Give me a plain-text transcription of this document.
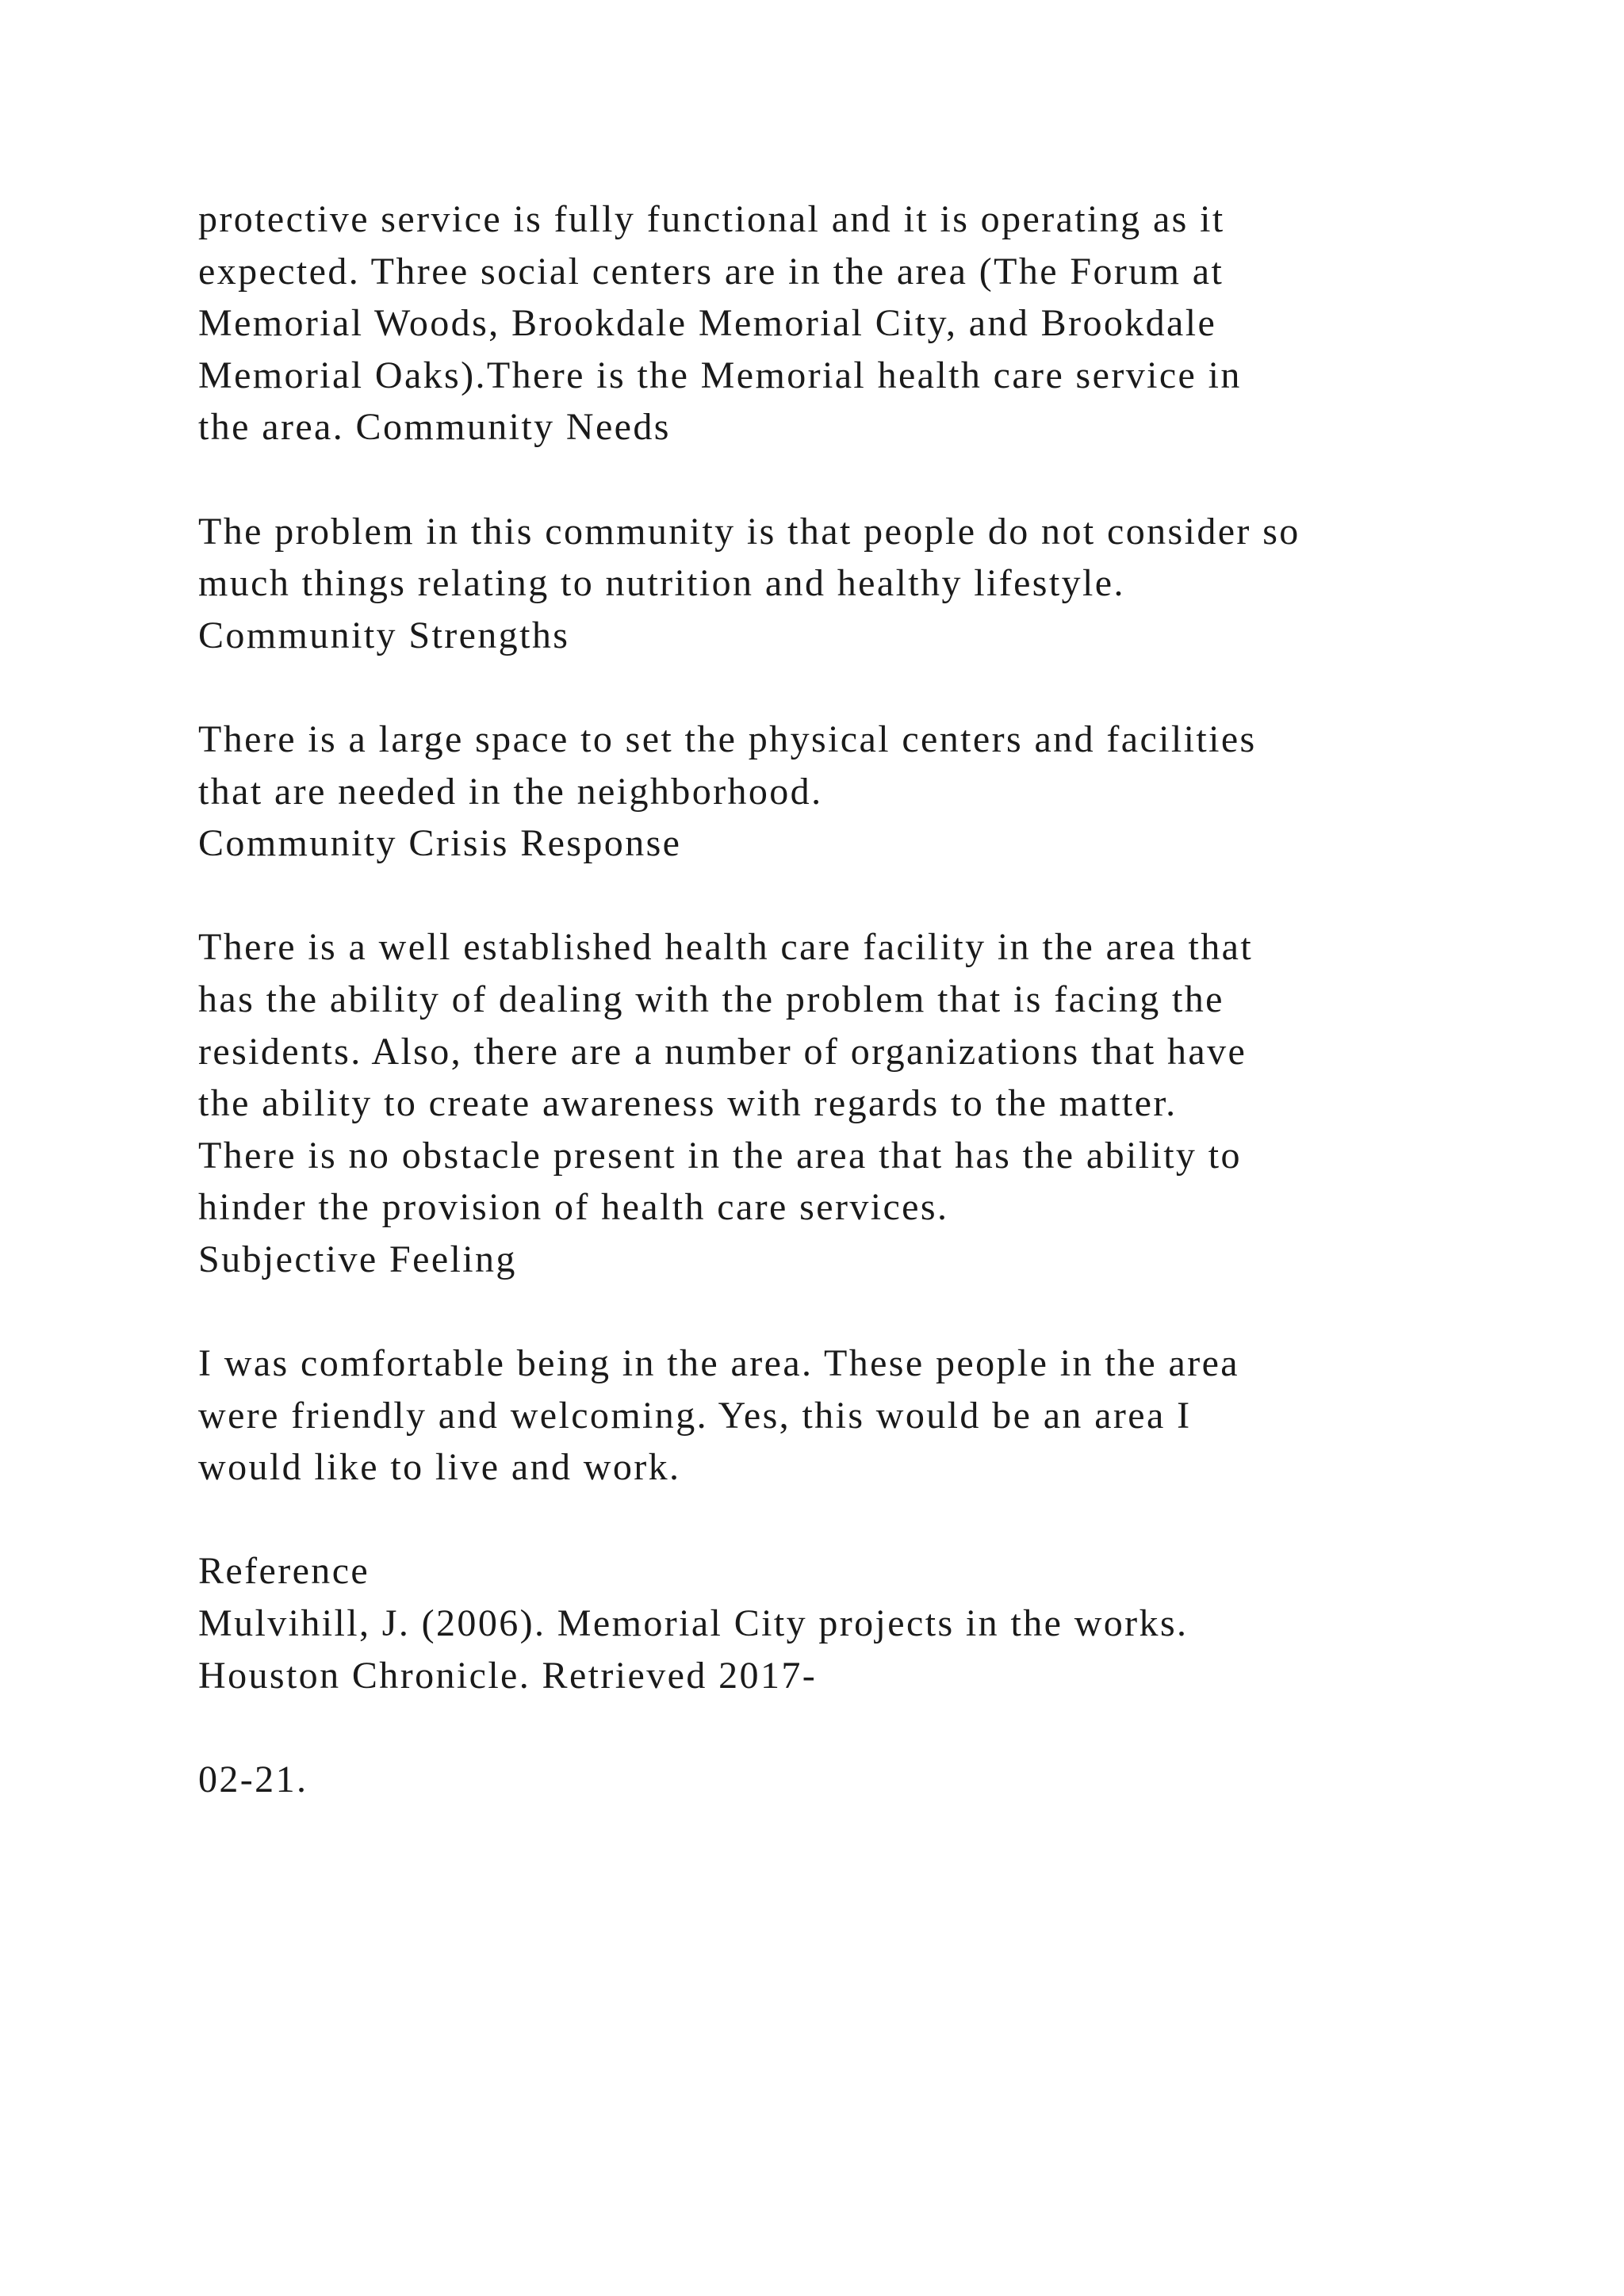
protective service is fully functional and it is operating as it
expected. Three social centers are in the area (The Forum at
Memorial Woods, Brookdale Memorial City, and Brookdale
Memorial Oaks).There is the Memorial health care service in
the area. Community Needs
The problem in this community is that people do not consider so
much things relating to nutrition and healthy lifestyle.
Community Strengths
There is a large space to set the physical centers and facilities
that are needed in the neighborhood.
Community Crisis Response
There is a well established health care facility in the area that
has the ability of dealing with the problem that is facing the
residents. Also, there are a number of organizations that have
the ability to create awareness with regards to the matter.
There is no obstacle present in the area that has the ability to
hinder the provision of health care services.
Subjective Feeling
I was comfortable being in the area. These people in the area
were friendly and welcoming. Yes, this would be an area I
would like to live and work.
Reference
Mulvihill, J. (2006). Memorial City projects in the works.
Houston Chronicle. Retrieved 2017-
02-21.
